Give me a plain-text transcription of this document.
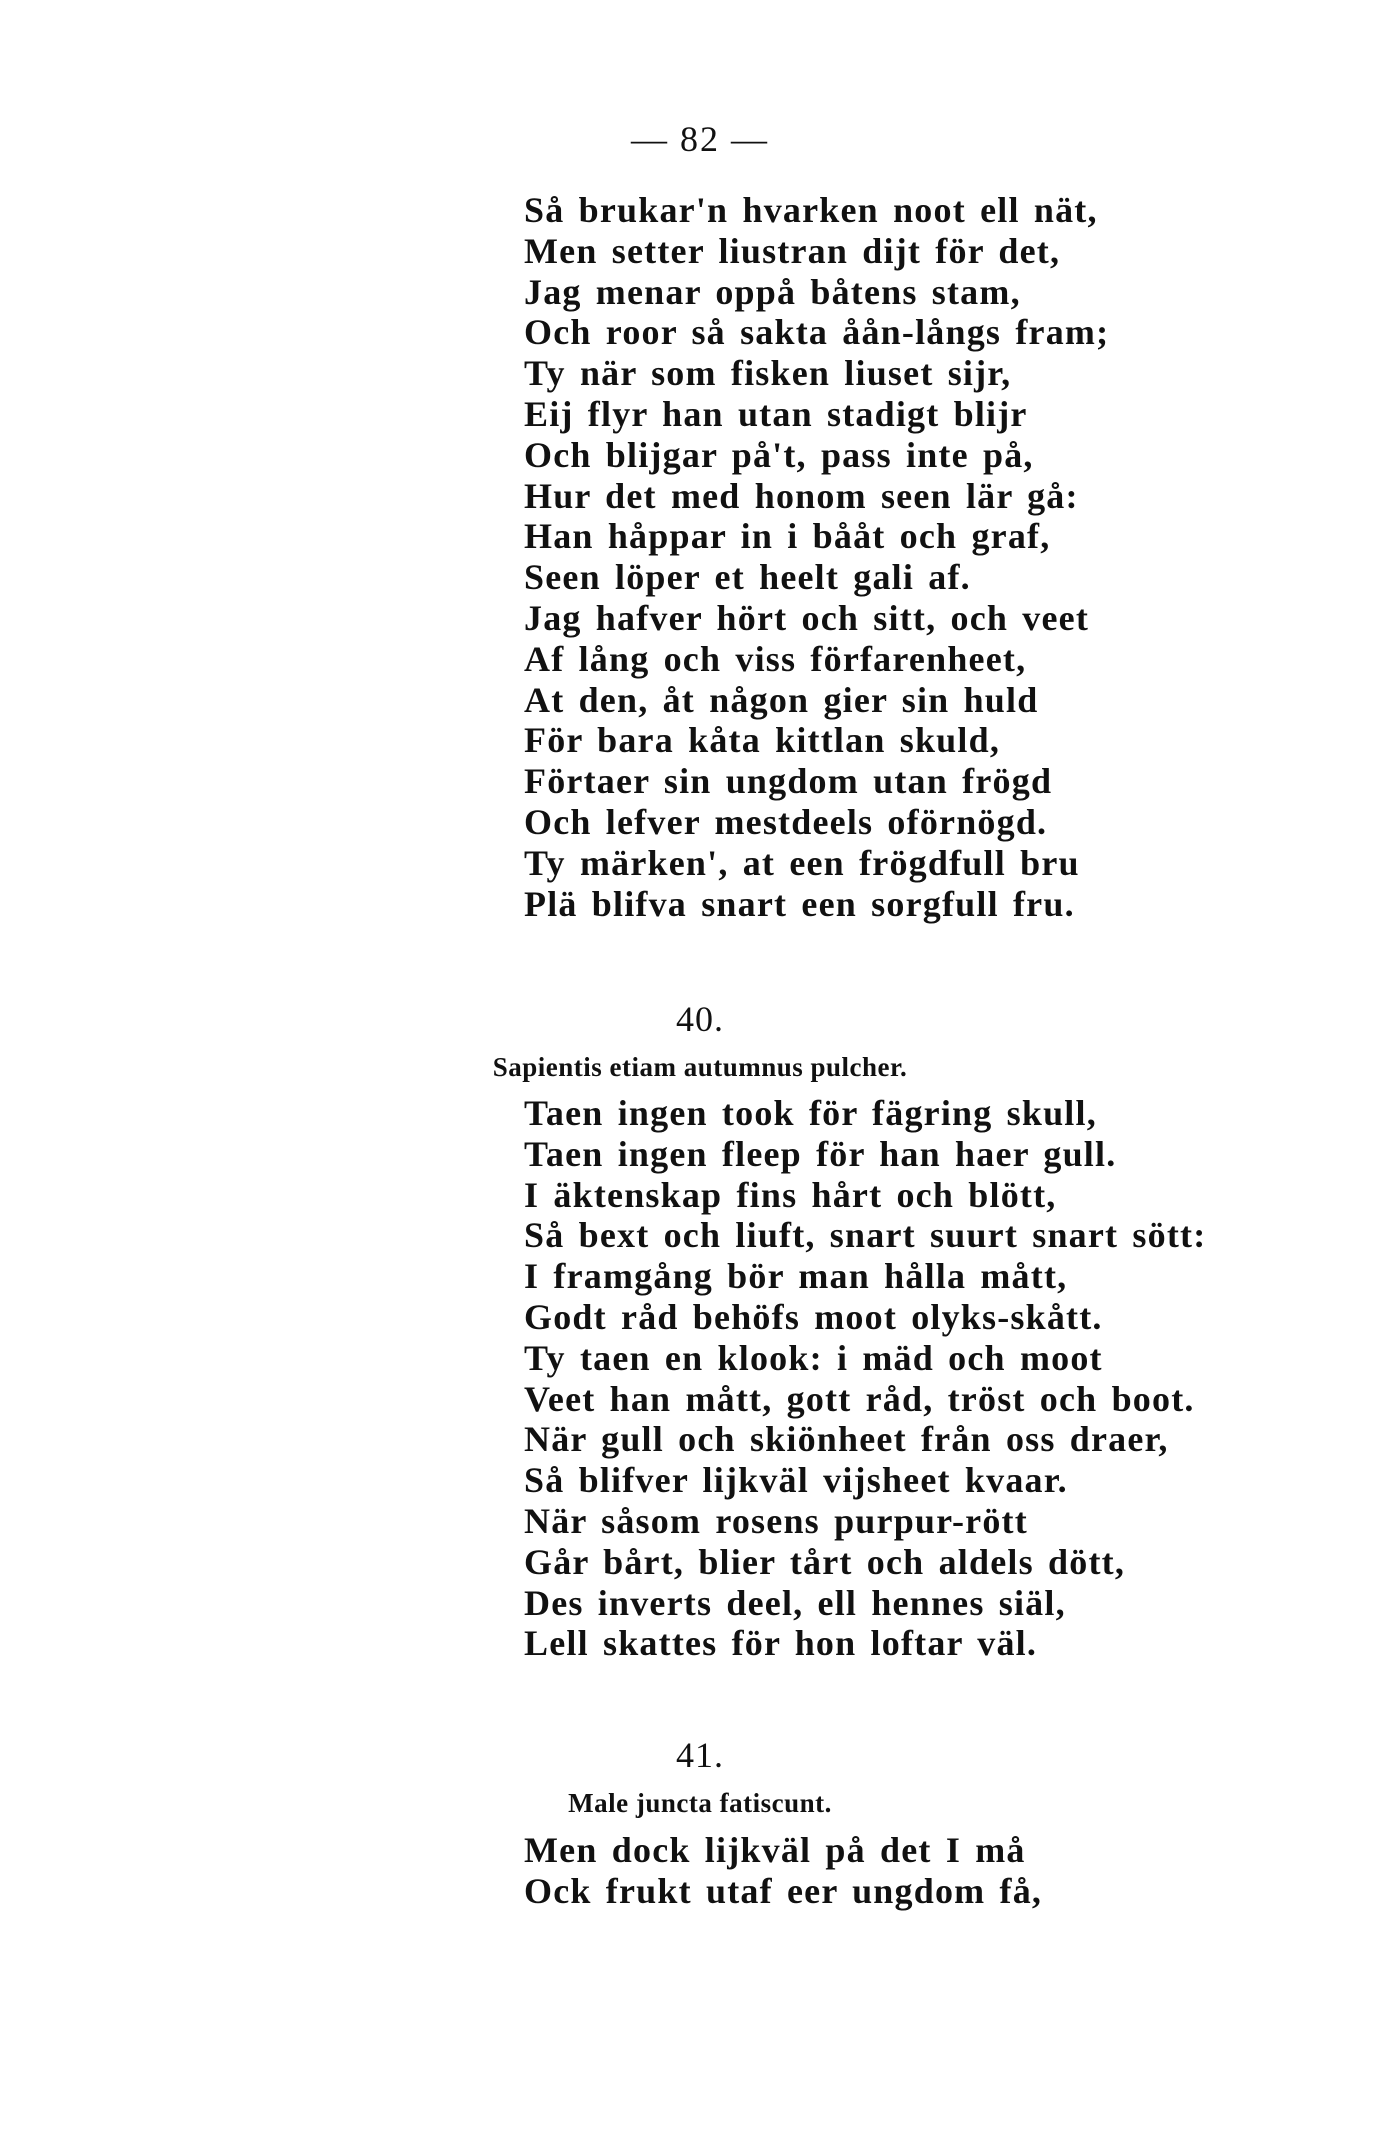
— 82 —
Så brukar'n hvarken noot ell nät,
Men setter liustran dijt för det,
Jag menar oppå båtens stam,
Och roor så sakta åån-långs fram;
Ty när som fisken liuset sijr,
Eij flyr han utan stadigt blijr
Och blijgar på't, pass inte på,
Hur det med honom seen lär gå:
Han håppar in i bååt och graf,
Seen löper et heelt gali af.
Jag hafver hört och sitt, och veet
Af lång och viss förfarenheet,
At den, åt någon gier sin huld
För bara kåta kittlan skuld,
Förtaer sin ungdom utan frögd
Och lefver mestdeels oförnögd.
Ty märken', at een frögdfull bru
Plä blifva snart een sorgfull fru.
40.
Sapientis etiam autumnus pulcher.
Taen ingen took för fägring skull,
Taen ingen fleep för han haer gull.
I äktenskap fins hårt och blött,
Så bext och liuft, snart suurt snart sött:
I framgång bör man hålla mått,
Godt råd behöfs moot olyks-skått.
Ty taen en klook: i mäd och moot
Veet han mått, gott råd, tröst och boot.
När gull och skiönheet från oss draer,
Så blifver lijkväl vijsheet kvaar.
När såsom rosens purpur-rött
Går bårt, blier tårt och aldels dött,
Des inverts deel, ell hennes siäl,
Lell skattes för hon loftar väl.
41.
Male juncta fatiscunt.
Men dock lijkväl på det I må
Ock frukt utaf eer ungdom få,
